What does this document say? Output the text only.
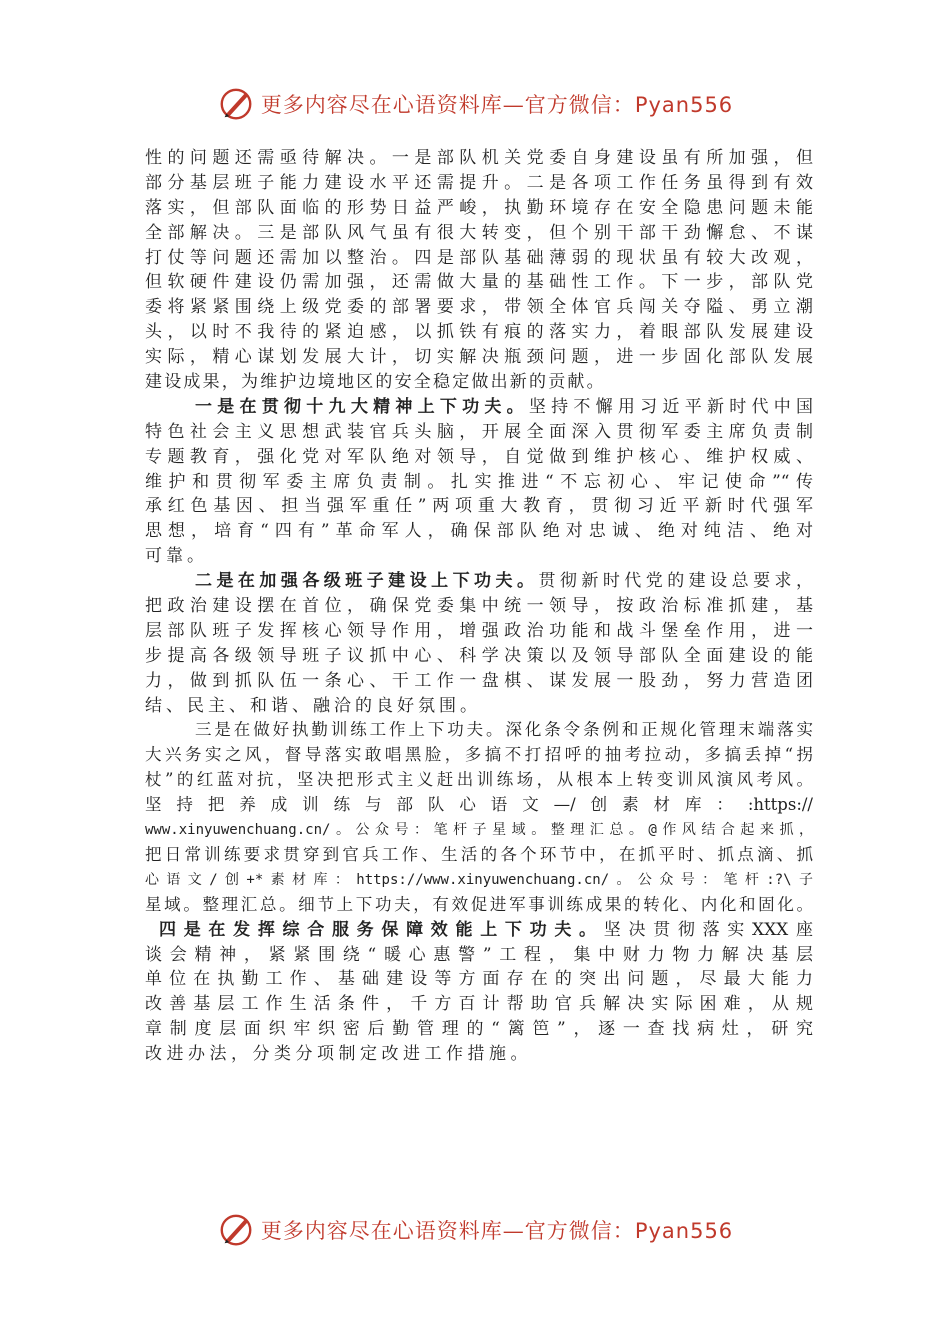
更多内容尽在心语资料库—官方微信：Pyan556
性的问题还需亟待解决。一是部队机关党委自身建设虽有所加强，但
部分基层班子能力建设水平还需提升。二是各项工作任务虽得到有效
落实，但部队面临的形势日益严峻，执勤环境存在安全隐患问题未能
全部解决。三是部队风气虽有很大转变，但个别干部干劲懈怠、不谋
打仗等问题还需加以整治。四是部队基础薄弱的现状虽有较大改观，
但软硬件建设仍需加强，还需做大量的基础性工作。下一步，部队党
委将紧紧围绕上级党委的部署要求，带领全体官兵闯关夺隘、勇立潮
头，以时不我待的紧迫感，以抓铁有痕的落实力，着眼部队发展建设
实际，精心谋划发展大计，切实解决瓶颈问题，进一步固化部队发展
建设成果，为维护边境地区的安全稳定做出新的贡献。
一是在贯彻十九大精神上下功夫。坚持不懈用习近平新时代中国
特色社会主义思想武装官兵头脑，开展全面深入贯彻军委主席负责制
专题教育，强化党对军队绝对领导，自觉做到维护核心、维护权威、
维护和贯彻军委主席负责制。扎实推进“不忘初心、牢记使命”“传
承红色基因、担当强军重任”两项重大教育，贯彻习近平新时代强军
思想，培育“四有”革命军人，确保部队绝对忠诚、绝对纯洁、绝对
可靠。
二是在加强各级班子建设上下功夫。贯彻新时代党的建设总要求，
把政治建设摆在首位，确保党委集中统一领导，按政治标准抓建，基
层部队班子发挥核心领导作用，增强政治功能和战斗堡垒作用，进一
步提高各级领导班子议抓中心、科学决策以及领导部队全面建设的能
力，做到抓队伍一条心、干工作一盘棋、谋发展一股劲，努力营造团
结、民主、和谐、融洽的良好氛围。
三是在做好执勤训练工作上下功夫。深化条令条例和正规化管理末端落实
大兴务实之风，督导落实敢唱黑脸，多搞不打招呼的抽考拉动，多搞丢掉“拐
杖”的红蓝对抗，坚决把形式主义赶出训练场，从根本上转变训风演风考风。
坚持把养成训练与部队心语文—/创素材库：:https://
www.xinyuwenchuang.cn/。公众号：笔杆子星域。整理汇总。@作风结合起来抓，
把日常训练要求贯穿到官兵工作、生活的各个环节中，在抓平时、抓点滴、抓
心语文/创+*素材库：https://www.xinyuwenchuang.cn/。公众号：笔杆:?\子
星域。整理汇总。细节上下功夫，有效促进军事训练成果的转化、内化和固化。
四是在发挥综合服务保障效能上下功夫。坚决贯彻落实XXX座
谈会精神，紧紧围绕“暖心惠警”工程，集中财力物力解决基层
单位在执勤工作、基础建设等方面存在的突出问题，尽最大能力
改善基层工作生活条件，千方百计帮助官兵解决实际困难，从规
章制度层面织牢织密后勤管理的“篱笆”，逐一查找病灶，研究
改进办法，分类分项制定改进工作措施。
更多内容尽在心语资料库—官方微信：Pyan556
